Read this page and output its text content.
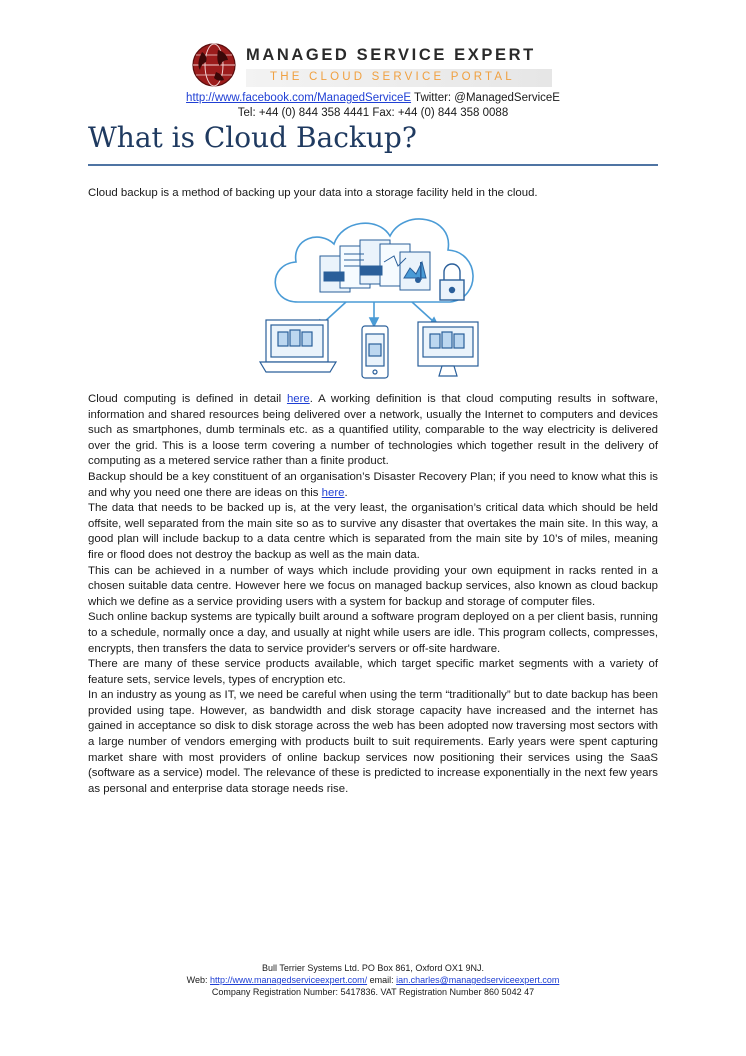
MANAGED SERVICE EXPERT
THE CLOUD SERVICE PORTAL
http://www.facebook.com/ManagedServiceE Twitter: @ManagedServiceE
Tel: +44 (0) 844 358 4441 Fax: +44 (0) 844 358 0088
What is Cloud Backup?
Cloud backup is a method of backing up your data into a storage facility held in the cloud.
PPT
DOC

Cloud computing is defined in detail here. A working definition is that cloud computing results in software, information and shared resources being delivered over a network, usually the Internet to computers and devices such as smartphones, dumb terminals etc. as a quantified utility, comparable to the way electricity is delivered over the grid. This is a loose term covering a number of technologies which together result in the delivery of computing as a metered service rather than a finite product.

Backup should be a key constituent of an organisation’s Disaster Recovery Plan; if you need to know what this is and why you need one there are ideas on this here.

The data that needs to be backed up is, at the very least, the organisation’s critical data which should be held offsite, well separated from the main site so as to survive any disaster that overtakes the main site. In this way, a good plan will include backup to a data centre which is separated from the main site by 10’s of miles, meaning fire or flood does not destroy the backup as well as the main data.

This can be achieved in a number of ways which include providing your own equipment in racks rented in a chosen suitable data centre. However here we focus on managed backup services, also known as cloud backup which we define as a service providing users with a system for backup and storage of computer files.

Such online backup systems are typically built around a software program deployed on a per client basis, running to a schedule, normally once a day, and usually at night while users are idle. This program collects, compresses, encrypts, then transfers the data to service provider's servers or off-site hardware.

There are many of these service products available, which target specific market segments with a variety of feature sets, service levels, types of encryption etc.

In an industry as young as IT, we need be careful when using the term “traditionally” but to date backup has been provided using tape. However, as bandwidth and disk storage capacity have increased and the internet has gained in acceptance so disk to disk storage across the web has been adopted now traversing most sectors with a large number of vendors emerging with products built to suit requirements. Early years were spent capturing market share with most providers of online backup services now positioning their services using the SaaS (software as a service) model. The relevance of these is predicted to increase exponentially in the next few years as personal and enterprise data storage needs rise.

Bull Terrier Systems Ltd. PO Box 861, Oxford OX1 9NJ.
Web: http://www.managedserviceexpert.com/ email: ian.charles@managedserviceexpert.com
Company Registration Number: 5417836. VAT Registration Number 860 5042 47
